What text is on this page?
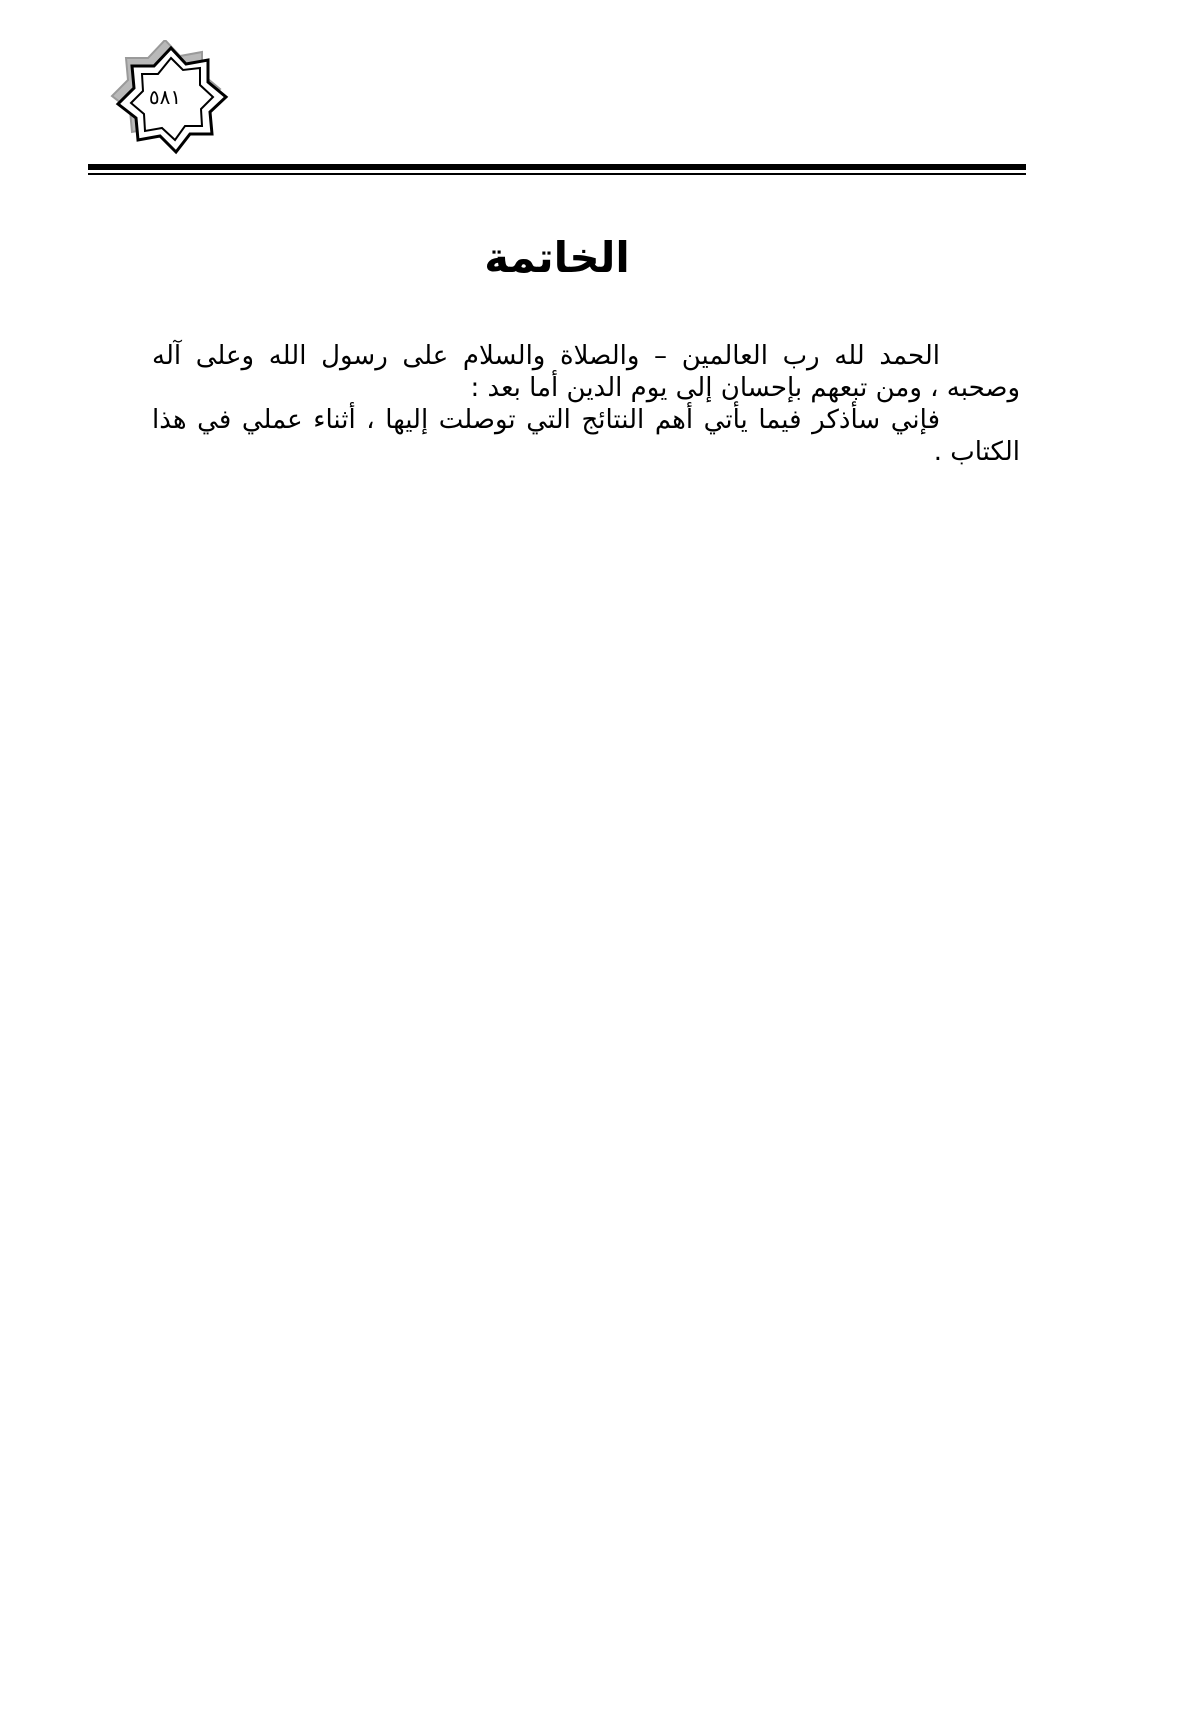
٥٨١
الخاتمة

الحمد لله رب العالمين – والصلاة والسلام على رسول الله وعلى آله وصحبه ، ومن تبعهم بإحسان إلى يوم الدين أما بعد :

فإني سأذكر فيما يأتي أهم النتائج التي توصلت إليها ، أثناء عملي في هذا الكتاب .
